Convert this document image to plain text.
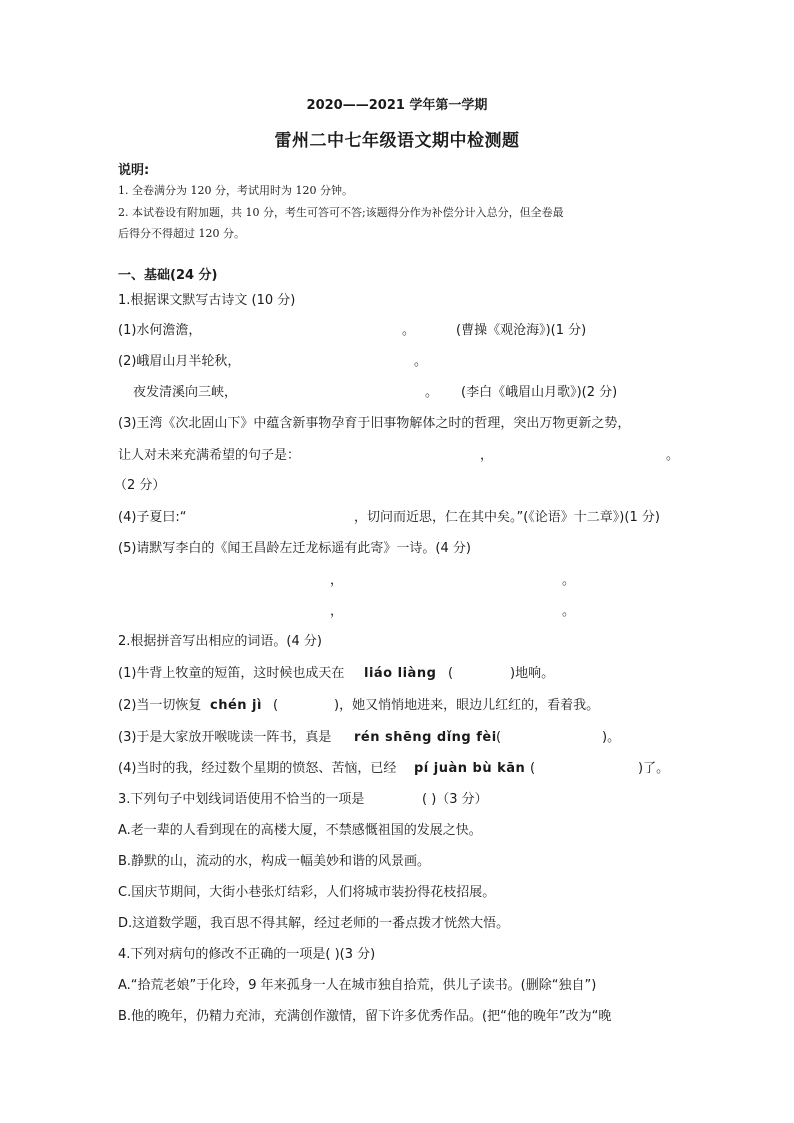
2020——2021 学年第一学期
雷州二中七年级语文期中检测题
说明:
1. 全卷满分为 120 分，考试用时为 120 分钟。
2. 本试卷设有附加题，共 10 分，考生可答可不答;该题得分作为补偿分计入总分，但全卷最
后得分不得超过 120 分。
一、基础(24 分)
1.根据课文默写古诗文 (10 分)
(1)水何澹澹，	。	(曹操《观沧海》)(1 分)
(2)峨眉山月半轮秋，	。
夜发清溪向三峡，	。 (李白《峨眉山月歌》)(2 分)
(3)王湾《次北固山下》中蕴含新事物孕育于旧事物解体之时的哲理，突出万物更新之势，
让人对未来充满希望的句子是：	，	。
（2 分）
(4)子夏曰:“	，切问而近思，仁在其中矣。”(《论语》十二章》)(1 分)
(5)请默写李白的《闻王昌龄左迁龙标遥有此寄》一诗。(4 分)
，	。
，	。
2.根据拼音写出相应的词语。(4 分)
(1)牛背上牧童的短笛，这时候也成天在 liáo liàng (	)地响。
(2)当一切恢复 chén jì (	)，她又悄悄地进来，眼边儿红红的，看着我。
(3)于是大家放开喉咙读一阵书，真是 rén shēng dǐng fèi (	)。
(4)当时的我，经过数个星期的愤怒、苦恼，已经 pí juàn bù kān (	)了。
3.下列句子中划线词语使用不恰当的一项是	( )（3 分）
A.老一辈的人看到现在的高楼大厦，不禁感慨祖国的发展之快。
B.静默的山，流动的水，构成一幅美妙和谐的风景画。
C.国庆节期间，大街小巷张灯结彩，人们将城市装扮得花枝招展。
D.这道数学题，我百思不得其解，经过老师的一番点拨才恍然大悟。
4.下列对病句的修改不正确的一项是( )(3 分)
A.“拾荒老娘”于化玲，9 年来孤身一人在城市独自拾荒，供儿子读书。(删除“独自”)
B.他的晚年，仍精力充沛，充满创作激情，留下许多优秀作品。(把“他的晚年”改为“晚
